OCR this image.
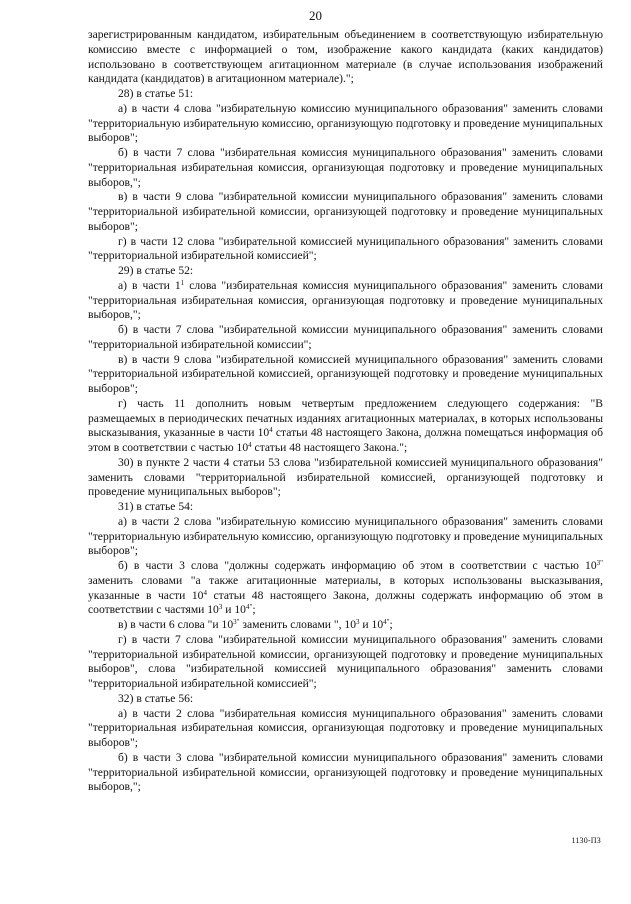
20

зарегистрированным кандидатом, избирательным объединением в соответствующую избирательную комиссию вместе с информацией о том, изображение какого кандидата (каких кандидатов) использовано в соответствующем агитационном материале (в случае использования изображений кандидата (кандидатов) в агитационном материале).";

28) в статье 51:

а) в части 4 слова "избирательную комиссию муниципального образования" заменить словами "территориальную избирательную комиссию, организующую подготовку и проведение муниципальных выборов";

б) в части 7 слова "избирательная комиссия муниципального образования" заменить словами "территориальная избирательная комиссия, организующая подготовку и проведение муниципальных выборов,";

в) в части 9 слова "избирательной комиссии муниципального образования" заменить словами "территориальной избирательной комиссии, организующей подготовку и проведение муниципальных выборов";

г) в части 12 слова "избирательной комиссией муниципального образования" заменить словами "территориальной избирательной комиссией";

29) в статье 52:

а) в части $1^1$ слова "избирательная комиссия муниципального образования" заменить словами "территориальная избирательная комиссия, организующая подготовку и проведение муниципальных выборов,";

б) в части 7 слова "избирательной комиссии муниципального образования" заменить словами "территориальной избирательной комиссии";

в) в части 9 слова "избирательной комиссией муниципального образования" заменить словами "территориальной избирательной комиссией, организующей подготовку и проведение муниципальных выборов";

г) часть 11 дополнить новым четвертым предложением следующего содержания: "В размещаемых в периодических печатных изданиях агитационных материалах, в которых использованы высказывания, указанные в части $10^4$ статьи 48 настоящего Закона, должна помещаться информация об этом в соответствии с частью $10^4$ статьи 48 настоящего Закона.";

30) в пункте 2 части 4 статьи 53 слова "избирательной комиссией муниципального образования" заменить словами "территориальной избирательной комиссией, организующей подготовку и проведение муниципальных выборов";

31) в статье 54:

а) в части 2 слова "избирательную комиссию муниципального образования" заменить словами "территориальную избирательную комиссию, организующую подготовку и проведение муниципальных выборов";

б) в части 3 слова "должны содержать информацию об этом в соответствии с частью $10^{3"}$ заменить словами "а также агитационные материалы, в которых использованы высказывания, указанные в части $10^4$ статьи 48 настоящего Закона, должны содержать информацию об этом в соответствии с частями $10^3$ и $10^{4"}$;

в) в части 6 слова "и $10^{3"}$ заменить словами ", $10^3$ и $10^{4"}$;

г) в части 7 слова "избирательной комиссии муниципального образования" заменить словами "территориальной избирательной комиссии, организующей подготовку и проведение муниципальных выборов", слова "избирательной комиссией муниципального образования" заменить словами "территориальной избирательной комиссией";

32) в статье 56:

а) в части 2 слова "избирательная комиссия муниципального образования" заменить словами "территориальная избирательная комиссия, организующая подготовку и проведение муниципальных выборов";

б) в части 3 слова "избирательной комиссии муниципального образования" заменить словами "территориальной избирательной комиссии, организующей подготовку и проведение муниципальных выборов,";

1130-ПЗ
